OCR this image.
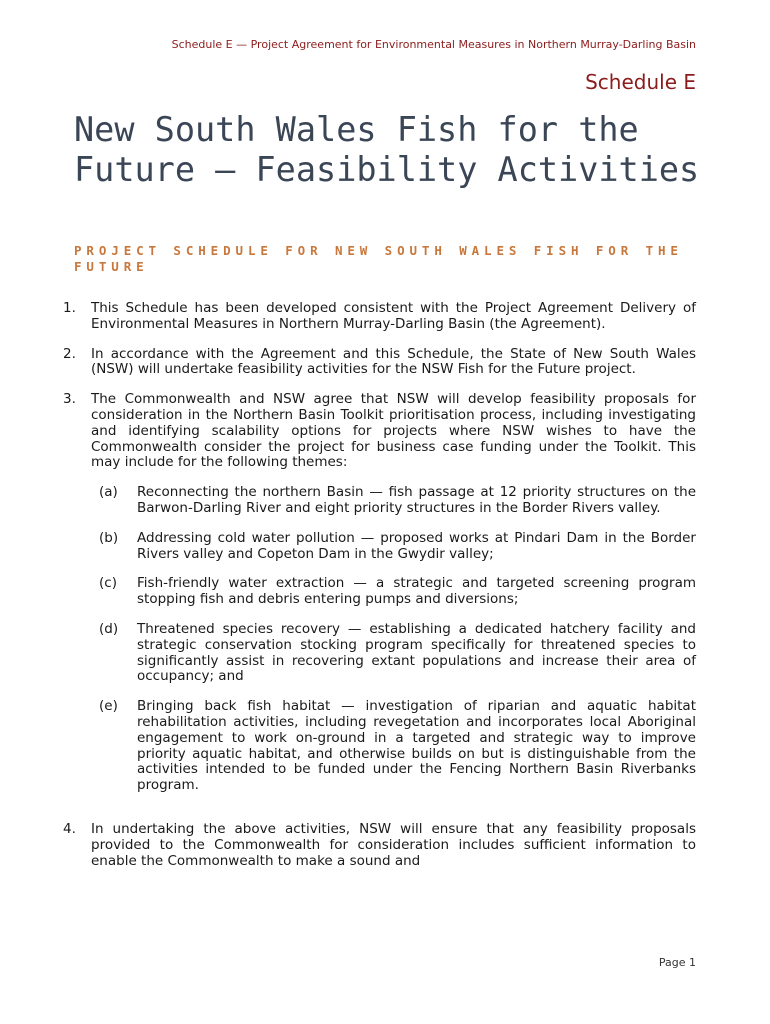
Schedule E — Project Agreement for Environmental Measures in Northern Murray-Darling Basin
Schedule E
New South Wales Fish for the Future — Feasibility Activities
PROJECT SCHEDULE FOR NEW SOUTH WALES FISH FOR THE FUTURE
1.	This Schedule has been developed consistent with the Project Agreement Delivery of Environmental Measures in Northern Murray-Darling Basin (the Agreement).
2.	In accordance with the Agreement and this Schedule, the State of New South Wales (NSW) will undertake feasibility activities for the NSW Fish for the Future project.
3.	The Commonwealth and NSW agree that NSW will develop feasibility proposals for consideration in the Northern Basin Toolkit prioritisation process, including investigating and identifying scalability options for projects where NSW wishes to have the Commonwealth consider the project for business case funding under the Toolkit. This may include for the following themes:
(a)	Reconnecting the northern Basin — fish passage at 12 priority structures on the Barwon-Darling River and eight priority structures in the Border Rivers valley.
(b)	Addressing cold water pollution — proposed works at Pindari Dam in the Border Rivers valley and Copeton Dam in the Gwydir valley;
(c)	Fish-friendly water extraction — a strategic and targeted screening program stopping fish and debris entering pumps and diversions;
(d)	Threatened species recovery — establishing a dedicated hatchery facility and strategic conservation stocking program specifically for threatened species to significantly assist in recovering extant populations and increase their area of occupancy; and
(e)	Bringing back fish habitat — investigation of riparian and aquatic habitat rehabilitation activities, including revegetation and incorporates local Aboriginal engagement to work on-ground in a targeted and strategic way to improve priority aquatic habitat, and otherwise builds on but is distinguishable from the activities intended to be funded under the Fencing Northern Basin Riverbanks program.
4.	In undertaking the above activities, NSW will ensure that any feasibility proposals provided to the Commonwealth for consideration includes sufficient information to enable the Commonwealth to make a sound and
Page 1
